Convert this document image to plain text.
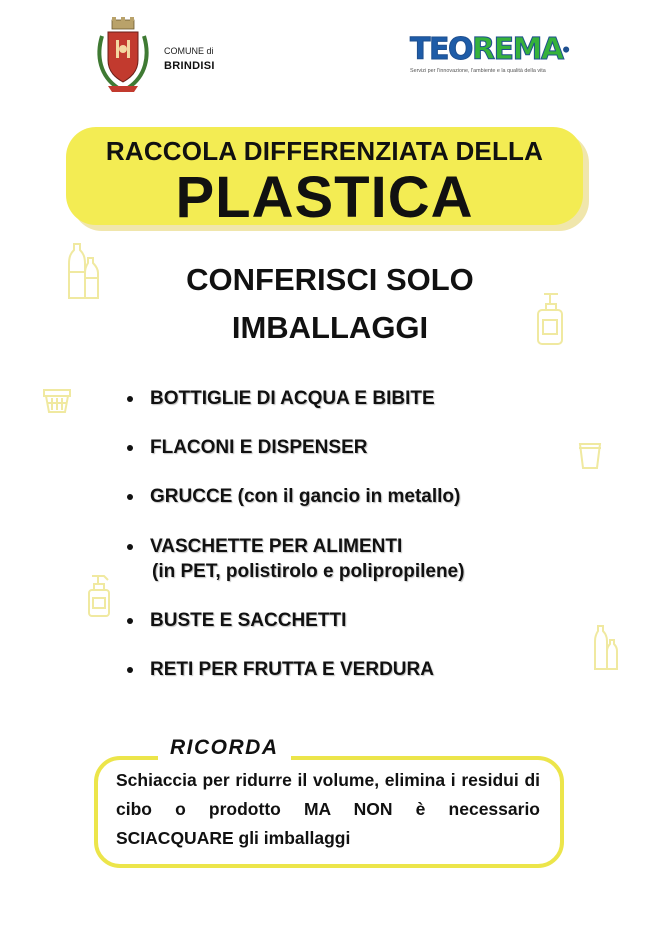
COMUNE di
BRINDISI	TEOREMA®
Servizi per l'innovazione, l'ambiente e la qualità della vita
RACCOLA DIFFERENZIATA DELLA
PLASTICA
CONFERISCI SOLO
IMBALLAGGI
BOTTIGLIE DI ACQUA E BIBITE
FLACONI E DISPENSER
GRUCCE (con il gancio in metallo)
VASCHETTE PER ALIMENTI
(in PET, polistirolo e polipropilene)
BUSTE E SACCHETTI
RETI PER FRUTTA E VERDURA
RICORDA
Schiaccia per ridurre il volume, elimina i residui di cibo o prodotto MA NON è necessario SCIACQUARE gli imballaggi
